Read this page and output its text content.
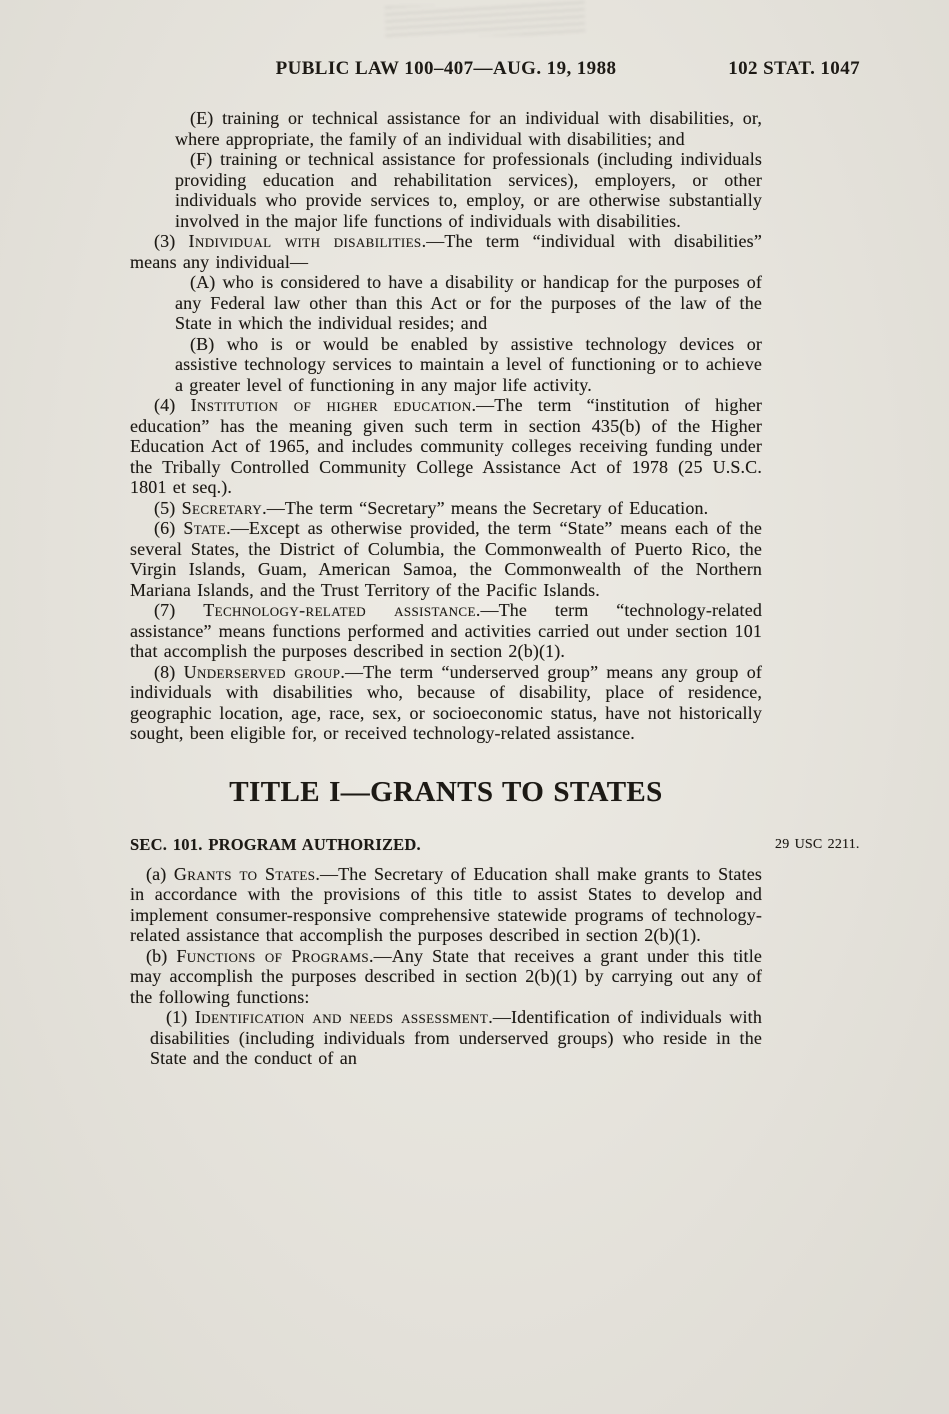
PUBLIC LAW 100–407—AUG. 19, 1988	102 STAT. 1047

(E) training or technical assistance for an individual with disabilities, or, where appropriate, the family of an individual with disabilities; and

(F) training or technical assistance for professionals (including individuals providing education and rehabilitation services), employers, or other individuals who provide services to, employ, or are otherwise substantially involved in the major life functions of individuals with disabilities.

(3) Individual with disabilities.—The term “individual with disabilities” means any individual—

(A) who is considered to have a disability or handicap for the purposes of any Federal law other than this Act or for the purposes of the law of the State in which the individual resides; and

(B) who is or would be enabled by assistive technology devices or assistive technology services to maintain a level of functioning or to achieve a greater level of functioning in any major life activity.

(4) Institution of higher education.—The term “institution of higher education” has the meaning given such term in section 435(b) of the Higher Education Act of 1965, and includes community colleges receiving funding under the Tribally Controlled Community College Assistance Act of 1978 (25 U.S.C. 1801 et seq.).

(5) Secretary.—The term “Secretary” means the Secretary of Education.

(6) State.—Except as otherwise provided, the term “State” means each of the several States, the District of Columbia, the Commonwealth of Puerto Rico, the Virgin Islands, Guam, American Samoa, the Commonwealth of the Northern Mariana Islands, and the Trust Territory of the Pacific Islands.

(7) Technology-related assistance.—The term “technology-related assistance” means functions performed and activities carried out under section 101 that accomplish the purposes described in section 2(b)(1).

(8) Underserved group.—The term “underserved group” means any group of individuals with disabilities who, because of disability, place of residence, geographic location, age, race, sex, or socioeconomic status, have not historically sought, been eligible for, or received technology-related assistance.

TITLE I—GRANTS TO STATES
SEC. 101. PROGRAM AUTHORIZED.	29 USC 2211.

(a) Grants to States.—The Secretary of Education shall make grants to States in accordance with the provisions of this title to assist States to develop and implement consumer-responsive comprehensive statewide programs of technology-related assistance that accomplish the purposes described in section 2(b)(1).

(b) Functions of Programs.—Any State that receives a grant under this title may accomplish the purposes described in section 2(b)(1) by carrying out any of the following functions:

(1) Identification and needs assessment.—Identification of individuals with disabilities (including individuals from underserved groups) who reside in the State and the conduct of an
